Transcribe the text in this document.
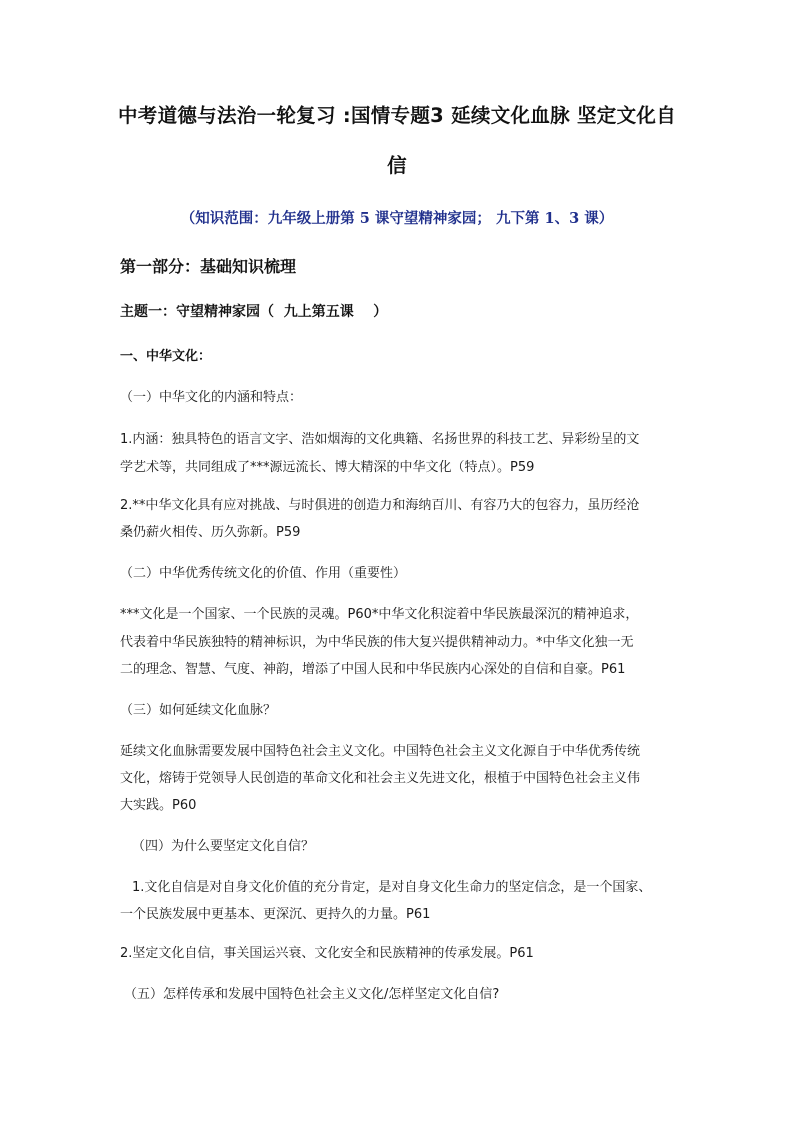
中考道德与法治一轮复习 :国情专题3 延续文化血脉 坚定文化自
信

（知识范围：九年级上册第 5 课守望精神家园； 九下第 1、3 课）

第一部分：基础知识梳理
主题一：守望精神家园（  九上第五课    ）
一、中华文化：

（一）中华文化的内涵和特点：

1.内涵：独具特色的语言文字、浩如烟海的文化典籍、名扬世界的科技工艺、异彩纷呈的文

学艺术等，共同组成了***源远流长、博大精深的中华文化（特点）。P59

2.**中华文化具有应对挑战、与时俱进的创造力和海纳百川、有容乃大的包容力，虽历经沧

桑仍薪火相传、历久弥新。P59

（二）中华优秀传统文化的价值、作用（重要性）

***文化是一个国家、一个民族的灵魂。P60*中华文化积淀着中华民族最深沉的精神追求，

代表着中华民族独特的精神标识，为中华民族的伟大复兴提供精神动力。*中华文化独一无

二的理念、智慧、气度、神韵，增添了中国人民和中华民族内心深处的自信和自豪。P61

（三）如何延续文化血脉？

延续文化血脉需要发展中国特色社会主义文化。中国特色社会主义文化源自于中华优秀传统

文化，熔铸于党领导人民创造的革命文化和社会主义先进文化，根植于中国特色社会主义伟

大实践。P60

（四）为什么要坚定文化自信？

1.文化自信是对自身文化价值的充分肯定，是对自身文化生命力的坚定信念，是一个国家、

一个民族发展中更基本、更深沉、更持久的力量。P61

2.坚定文化自信，事关国运兴衰、文化安全和民族精神的传承发展。P61

（五）怎样传承和发展中国特色社会主义文化/怎样坚定文化自信?
